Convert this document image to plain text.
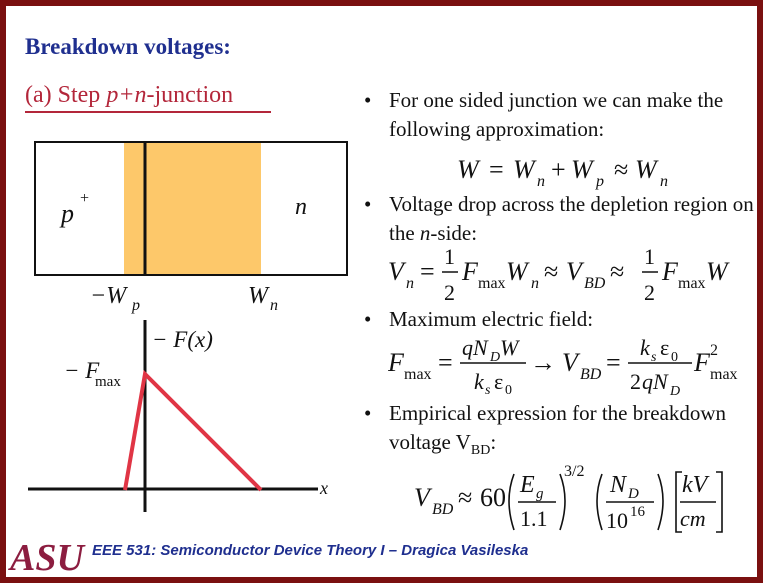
Breakdown voltages:
(a) Step p+n-junction
p
+	n
−W p	W n
− F(x)
− F
max
x
• For one sided junction we can make the following approximation:
W = W n + W p ≈ W n
• Voltage drop across the depletion region on the n-side:
V n =
1
2
F max W n ≈ V BD ≈
1
2
F max W
• Maximum electric field:
F max =
qN D W
k s ε 0
→ V BD =
k s ε 0
2 qN D
F 2
max
• Empirical expression for the breakdown voltage $V_{BD}$:
V BD ≈ 60 E g
1.1
3/2
N D
10 16
kV
cm
ASU EEE 531: Semiconductor Device Theory I – Dragica Vasileska
